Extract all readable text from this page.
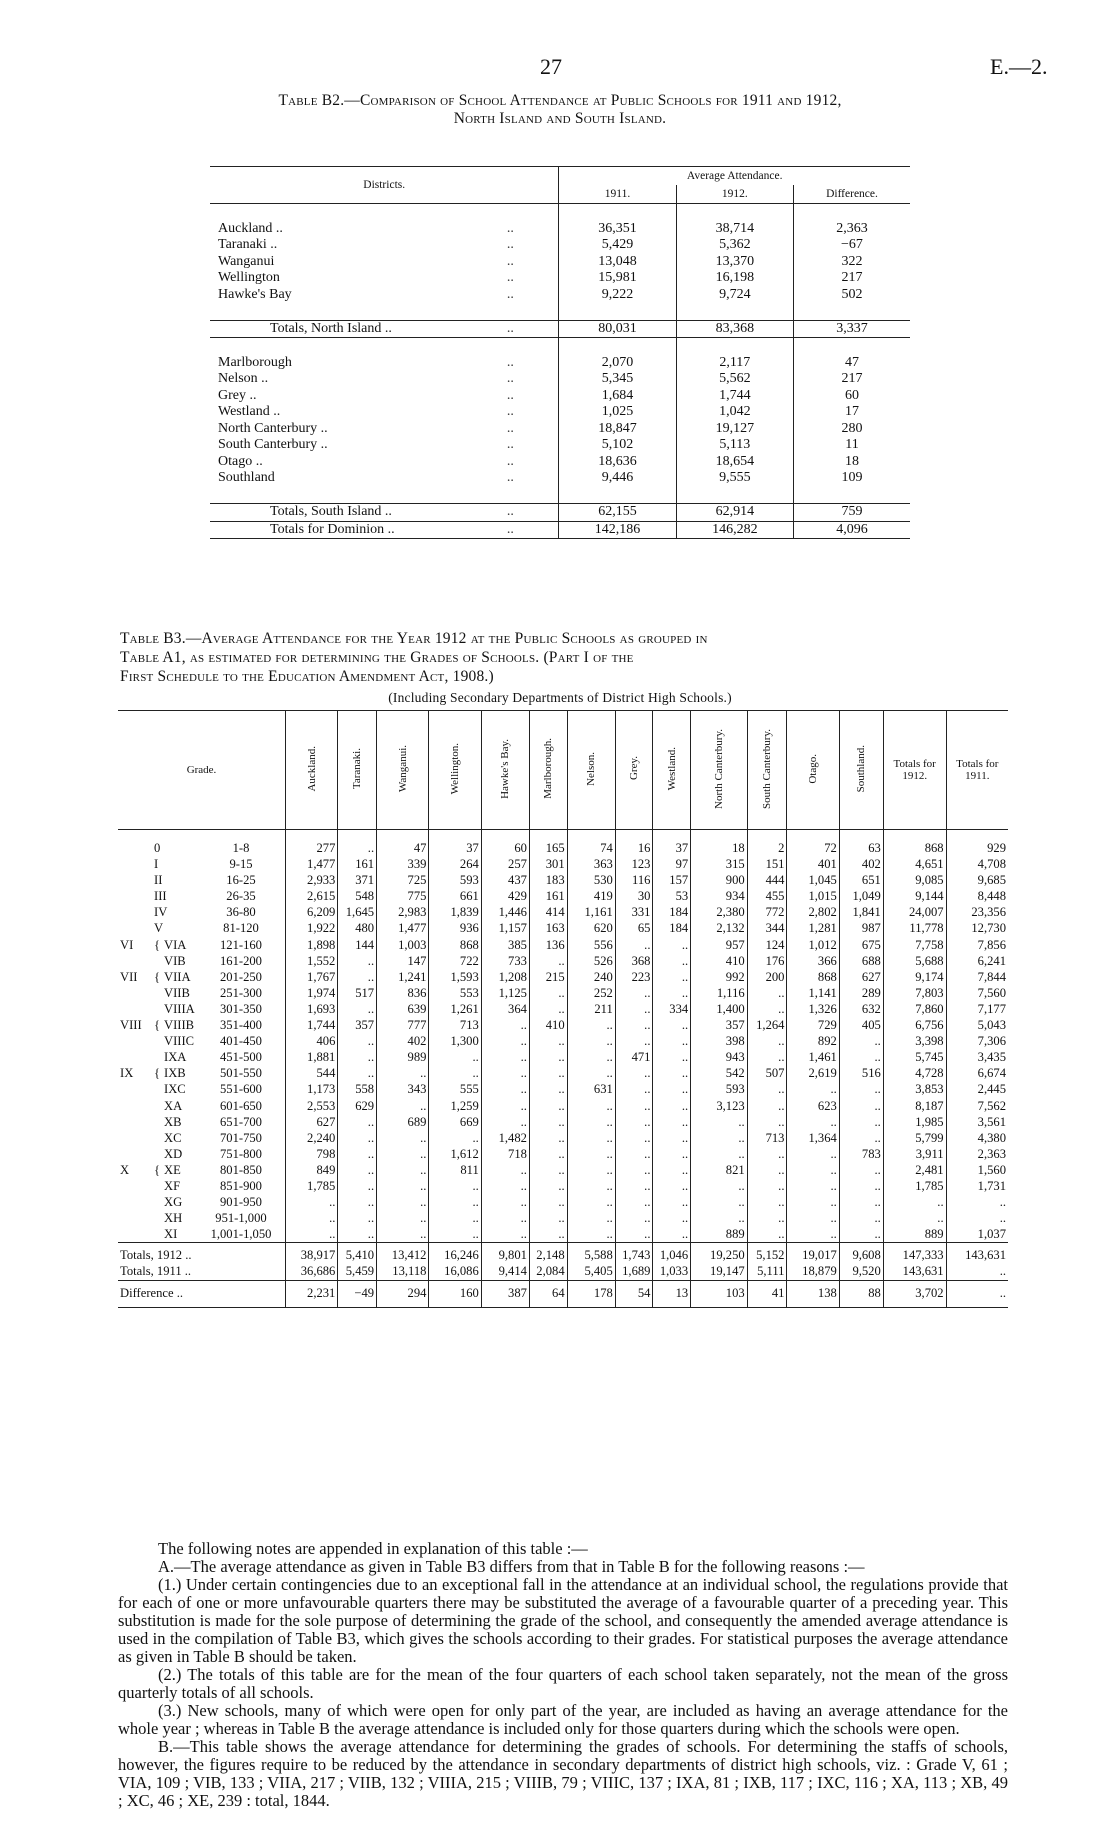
27	E.—2.
Table B2.—Comparison of School Attendance at Public Schools for 1911 and 1912,
North Island and South Island.
Districts.		Average Attendance.		
		1911.	1912.	Difference.

Auckland ..	..	36,351	38,714	2,363
Taranaki ..	..	5,429	5,362	−67
Wanganui	..	13,048	13,370	322
Wellington	..	15,981	16,198	217
Hawke's Bay	..	9,222	9,724	502

Totals, North Island ..	..	80,031	83,368	3,337

Marlborough	..	2,070	2,117	47
Nelson ..	..	5,345	5,562	217
Grey ..	..	1,684	1,744	60
Westland ..	..	1,025	1,042	17
North Canterbury ..	..	18,847	19,127	280
South Canterbury ..	..	5,102	5,113	11
Otago ..	..	18,636	18,654	18
Southland	..	9,446	9,555	109

Totals, South Island ..	..	62,155	62,914	759
Totals for Dominion ..	..	142,186	146,282	4,096
Table B3.—Average Attendance for the Year 1912 at the Public Schools as grouped in
Table A1, as estimated for determining the Grades of Schools. (Part I of the
First Schedule to the Education Amendment Act, 1908.)
(Including Secondary Departments of District High Schools.)
Grade.	Auckland.	Taranaki.	Wanganui.	Wellington.	Hawke's Bay.	Marlborough.	Nelson.	Grey.	Westland.	North Canterbury.	South Canterbury.	Otago.	Southland.	Totals for 1912.	Totals for 1911.
0 1-8	277	..	47	37	60	165	74	16	37	18	2	72	63	868	929
I 9-15	1,477	161	339	264	257	301	363	123	97	315	151	401	402	4,651	4,708
II 16-25	2,933	371	725	593	437	183	530	116	157	900	444	1,045	651	9,085	9,685
III 26-35	2,615	548	775	661	429	161	419	30	53	934	455	1,015	1,049	9,144	8,448
IV 36-80	6,209	1,645	2,983	1,839	1,446	414	1,161	331	184	2,380	772	2,802	1,841	24,007	23,356
V 81-120	1,922	480	1,477	936	1,157	163	620	65	184	2,132	344	1,281	987	11,778	12,730
VI { VIA 121-160	1,898	144	1,003	868	385	136	556	..	..	957	124	1,012	675	7,758	7,856
VIB 161-200	1,552	..	147	722	733	..	526	368	..	410	176	366	688	5,688	6,241
VII { VIIA 201-250	1,767	..	1,241	1,593	1,208	215	240	223	..	992	200	868	627	9,174	7,844
VIIB 251-300	1,974	517	836	553	1,125	..	252	..	..	1,116	..	1,141	289	7,803	7,560
VIIIA 301-350	1,693	..	639	1,261	364	..	211	..	334	1,400	..	1,326	632	7,860	7,177
VIII { VIIIB 351-400	1,744	357	777	713	..	410	..	..	..	357	1,264	729	405	6,756	5,043
VIIIC 401-450	406	..	402	1,300	..	..	..	..	..	398	..	892	..	3,398	7,306
IXA 451-500	1,881	..	989	..	..	..	..	471	..	943	..	1,461	..	5,745	3,435
IX { IXB 501-550	544	..	..	..	..	..	..	..	..	542	507	2,619	516	4,728	6,674
IXC 551-600	1,173	558	343	555	..	..	631	..	..	593	..	..	..	3,853	2,445
XA 601-650	2,553	629	..	1,259	..	..	..	..	..	3,123	..	623	..	8,187	7,562
XB 651-700	627	..	689	669	..	..	..	..	..	..	..	..	..	1,985	3,561
XC 701-750	2,240	..	..	..	1,482	..	..	..	..	..	713	1,364	..	5,799	4,380
XD 751-800	798	..	..	1,612	718	..	..	..	..	..	..	..	783	3,911	2,363
X { XE 801-850	849	..	..	811	..	..	..	..	..	821	..	..	..	2,481	1,560
XF 851-900	1,785	..	..	..	..	..	..	..	..	..	..	..	..	1,785	1,731
XG 901-950	..	..	..	..	..	..	..	..	..	..	..	..	..	..	..
XH 951-1,000	..	..	..	..	..	..	..	..	..	..	..	..	..	..	..
XI 1,001-1,050	..	..	..	..	..	..	..	..	..	889	..	..	..	889	1,037
Totals, 1912 ..	38,917	5,410	13,412	16,246	9,801	2,148	5,588	1,743	1,046	19,250	5,152	19,017	9,608	147,333	143,631
Totals, 1911 ..	36,686	5,459	13,118	16,086	9,414	2,084	5,405	1,689	1,033	19,147	5,111	18,879	9,520	143,631	..
Difference ..	2,231	−49	294	160	387	64	178	54	13	103	41	138	88	3,702	..

The following notes are appended in explanation of this table :—

A.—The average attendance as given in Table B3 differs from that in Table B for the following reasons :—

(1.) Under certain contingencies due to an exceptional fall in the attendance at an individual school, the regulations provide that for each of one or more unfavourable quarters there may be substituted the average of a favourable quarter of a preceding year. This substitution is made for the sole purpose of determining the grade of the school, and consequently the amended average attendance is used in the compilation of Table B3, which gives the schools according to their grades. For statistical purposes the average attendance as given in Table B should be taken.

(2.) The totals of this table are for the mean of the four quarters of each school taken separately, not the mean of the gross quarterly totals of all schools.

(3.) New schools, many of which were open for only part of the year, are included as having an average attendance for the whole year ; whereas in Table B the average attendance is included only for those quarters during which the schools were open.

B.—This table shows the average attendance for determining the grades of schools. For determining the staffs of schools, however, the figures require to be reduced by the attendance in secondary departments of district high schools, viz. : Grade V, 61 ; VIA, 109 ; VIB, 133 ; VIIA, 217 ; VIIB, 132 ; VIIIA, 215 ; VIIIB, 79 ; VIIIC, 137 ; IXA, 81 ; IXB, 117 ; IXC, 116 ; XA, 113 ; XB, 49 ; XC, 46 ; XE, 239 : total, 1844.
